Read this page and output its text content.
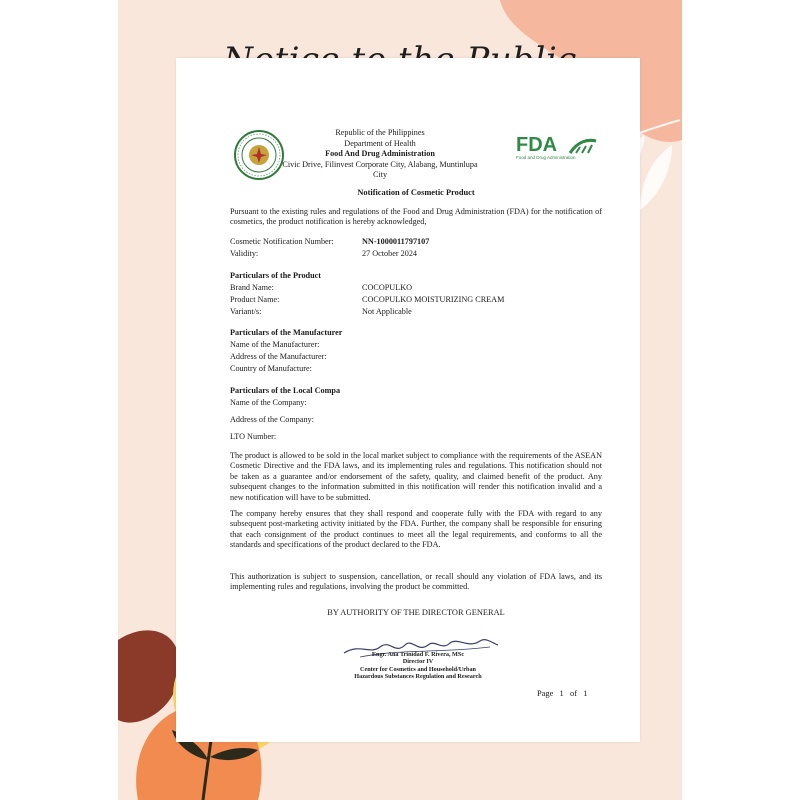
Republic of the Philippines
Department of Health
Food And Drug Administration
Civic Drive, Filinvest Corporate City, Alabang, Muntinlupa
City
FDA
Food and Drug Administration
Notification of Cosmetic Product
Pursuant to the existing rules and regulations of the Food and Drug Administration (FDA) for the notification of cosmetics, the product notification is hereby acknowledged,
Cosmetic Notification Number:	NN-1000011797107
Validity:	27 October 2024
Particulars of the Product
Brand Name:	COCOPULKO
Product Name:	COCOPULKO MOISTURIZING CREAM
Variant/s:	Not Applicable
Particulars of the Manufacturer
Name of the Manufacturer:
Address of the Manufacturer:
Country of Manufacture:
Particulars of the Local Compa
Name of the Company:
Address of the Company:
LTO Number:
The product is allowed to be sold in the local market subject to compliance with the requirements of the ASEAN Cosmetic Directive and the FDA laws, and its implementing rules and regulations. This notification should not be taken as a guarantee and/or endorsement of the safety, quality, and claimed benefit of the product. Any subsequent changes to the information submitted in this notification will render this notification invalid and a new notification will have to be submitted.
The company hereby ensures that they shall respond and cooperate fully with the FDA with regard to any subsequent post-marketing activity initiated by the FDA. Further, the company shall be responsible for ensuring that each consignment of the product continues to meet all the legal requirements, and conforms to all the standards and specifications of the product declared to the FDA.
This authorization is subject to suspension, cancellation, or recall should any violation of FDA laws, and its implementing rules and regulations, involving the product be committed.
BY AUTHORITY OF THE DIRECTOR GENERAL
Engr. Ana Trinidad F. Rivera, MSc
Director IV
Center for Cosmetics and Household/Urban
Hazardous Substances Regulation and Research
Page   1   of   1
